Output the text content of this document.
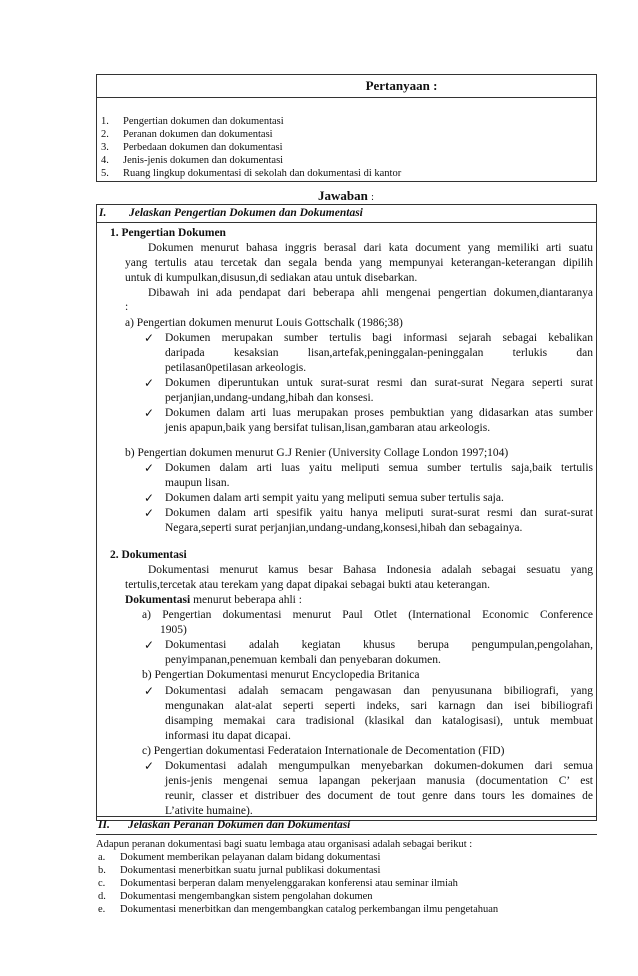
Pertanyaan :
1. Pengertian dokumen dan dokumentasi
2. Peranan dokumen dan dokumentasi
3. Perbedaan dokumen dan dokumentasi
4. Jenis-jenis dokumen dan dokumentasi
5. Ruang lingkup dokumentasi di sekolah dan dokumentasi di kantor
Jawaban :
I. Jelaskan Pengertian Dokumen dan Dokumentasi
1. Pengertian Dokumen
Dokumen menurut bahasa inggris berasal dari kata document yang memiliki arti suatu
yang tertulis atau tercetak dan segala benda yang mempunyai keterangan-keterangan dipilih
untuk di kumpulkan,disusun,di sediakan atau untuk disebarkan.
Dibawah ini ada pendapat dari beberapa ahli mengenai pengertian dokumen,diantaranya
:
a) Pengertian dokumen menurut Louis Gottschalk (1986;38)
✓ Dokumen merupakan sumber tertulis bagi informasi sejarah sebagai kebalikan
daripada kesaksian lisan,artefak,peninggalan-peninggalan terlukis dan
petilasan0petilasan arkeologis.
✓ Dokumen diperuntukan untuk surat-surat resmi dan surat-surat Negara seperti surat
perjanjian,undang-undang,hibah dan konsesi.
✓ Dokumen dalam arti luas merupakan proses pembuktian yang didasarkan atas sumber
jenis apapun,baik yang bersifat tulisan,lisan,gambaran atau arkeologis.
b) Pengertian dokumen menurut G.J Renier (University Collage London 1997;104)
✓ Dokumen dalam arti luas yaitu meliputi semua sumber tertulis saja,baik tertulis
maupun lisan.
✓ Dokumen dalam arti sempit yaitu yang meliputi semua suber tertulis saja.
✓ Dokumen dalam arti spesifik yaitu hanya meliputi surat-surat resmi dan surat-surat
Negara,seperti surat perjanjian,undang-undang,konsesi,hibah dan sebagainya.
2. Dokumentasi
Dokumentasi menurut kamus besar Bahasa Indonesia adalah sebagai sesuatu yang
tertulis,tercetak atau terekam yang dapat dipakai sebagai bukti atau keterangan.
Dokumentasi menurut beberapa ahli :
a) Pengertian dokumentasi menurut Paul Otlet (International Economic Conference
1905)
✓ Dokumentasi adalah kegiatan khusus berupa pengumpulan,pengolahan,
penyimpanan,penemuan kembali dan penyebaran dokumen.
b) Pengertian Dokumentasi menurut Encyclopedia Britanica
✓ Dokumentasi adalah semacam pengawasan dan penyusunana bibiliografi, yang
mengunakan alat-alat seperti seperti indeks, sari karnagn dan isei bibiliografi
disamping memakai cara tradisional (klasikal dan katalogisasi), untuk membuat
informasi itu dapat dicapai.
c) Pengertian dokumentasi Federataion Internationale de Decomentation (FID)
✓ Dokumentasi adalah mengumpulkan menyebarkan dokumen-dokumen dari semua
jenis-jenis mengenai semua lapangan pekerjaan manusia (documentation C’ est
reunir, classer et distribuer des document de tout genre dans tours les domaines de
L’ativite humaine).
II. Jelaskan Peranan Dokumen dan Dokumentasi
Adapun peranan dokumentasi bagi suatu lembaga atau organisasi adalah sebagai berikut :
a. Dokument memberikan pelayanan dalam bidang dokumentasi
b. Dokumentasi menerbitkan suatu jurnal publikasi dokumentasi
c. Dokumentasi berperan dalam menyelenggarakan konferensi atau seminar ilmiah
d. Dokumentasi mengembangkan sistem pengolahan dokumen
e. Dokumentasi menerbitkan dan mengembangkan catalog perkembangan ilmu pengetahuan
